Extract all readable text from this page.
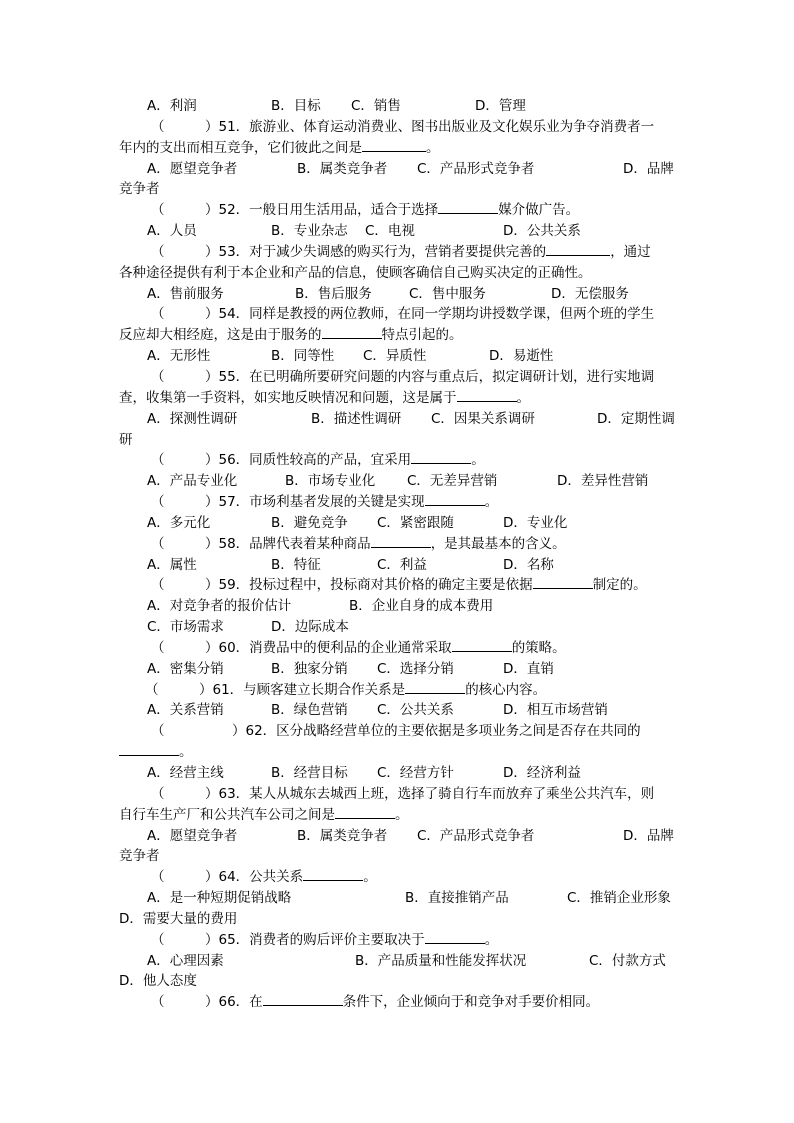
A．利润	B．目标 C．销售	D．管理
（　　　）51．旅游业、体育运动消费业、图书出版业及文化娱乐业为争夺消费者一
年内的支出而相互竞争，它们彼此之间是	。
A．愿望竞争者	B．属类竞争者 C．产品形式竞争者	D．品牌
竞争者
（　　　）52．一般日用生活用品，适合于选择	媒介做广告。
A．人员	B．专业杂志 C．电视	D．公共关系
（　　　）53．对于减少失调感的购买行为，营销者要提供完善的	，通过
各种途径提供有利于本企业和产品的信息，使顾客确信自己购买决定的正确性。
A．售前服务	B．售后服务	C．售中服务	D．无偿服务
（　　　）54．同样是教授的两位教师，在同一学期均讲授数学课，但两个班的学生
反应却大相经庭，这是由于服务的	特点引起的。
A．无形性	B．同等性 C．异质性	D．易逝性
（　　　）55．在已明确所要研究问题的内容与重点后，拟定调研计划，进行实地调
查，收集第一手资料，如实地反映情况和问题，这是属于	。
A．探测性调研	B．描述性调研 C．因果关系调研	D．定期性调
研
（　　　）56．同质性较高的产品，宜采用	。
A．产品专业化	B．市场专业化 C．无差异营销	D．差异性营销
（　　　）57．市场利基者发展的关键是实现	。
A．多元化	B．避免竞争 C．紧密跟随	D．专业化
（　　　）58．品牌代表着某种商品	，是其最基本的含义。
A．属性	B．特征	C．利益	D．名称
（　　　）59．投标过程中，投标商对其价格的确定主要是依据	制定的。
A．对竞争者的报价估计	B．企业自身的成本费用
C．市场需求	D．边际成本
（　　　）60．消费品中的便利品的企业通常采取	的策略。
A．密集分销	B．独家分销 C．选择分销	D．直销
（　　　）61．与顾客建立长期合作关系是	的核心内容。
A．关系营销	B．绿色营销 C．公共关系	D．相互市场营销
（　　　　　）62．区分战略经营单位的主要依据是多项业务之间是否存在共同的
。
A．经营主线	B．经营目标 C．经营方针	D．经济利益
（　　　）63．某人从城东去城西上班，选择了骑自行车而放弃了乘坐公共汽车，则
自行车生产厂和公共汽车公司之间是	。
A．愿望竞争者	B．属类竞争者 C．产品形式竞争者	D．品牌
竞争者
（　　　）64．公共关系	。
A．是一种短期促销战略	B．直接推销产品	C．推销企业形象
D．需要大量的费用
（　　　）65．消费者的购后评价主要取决于	。
A．心理因素	B．产品质量和性能发挥状况	C．付款方式
D．他人态度
（　　　）66．在	条件下，企业倾向于和竞争对手要价相同。
